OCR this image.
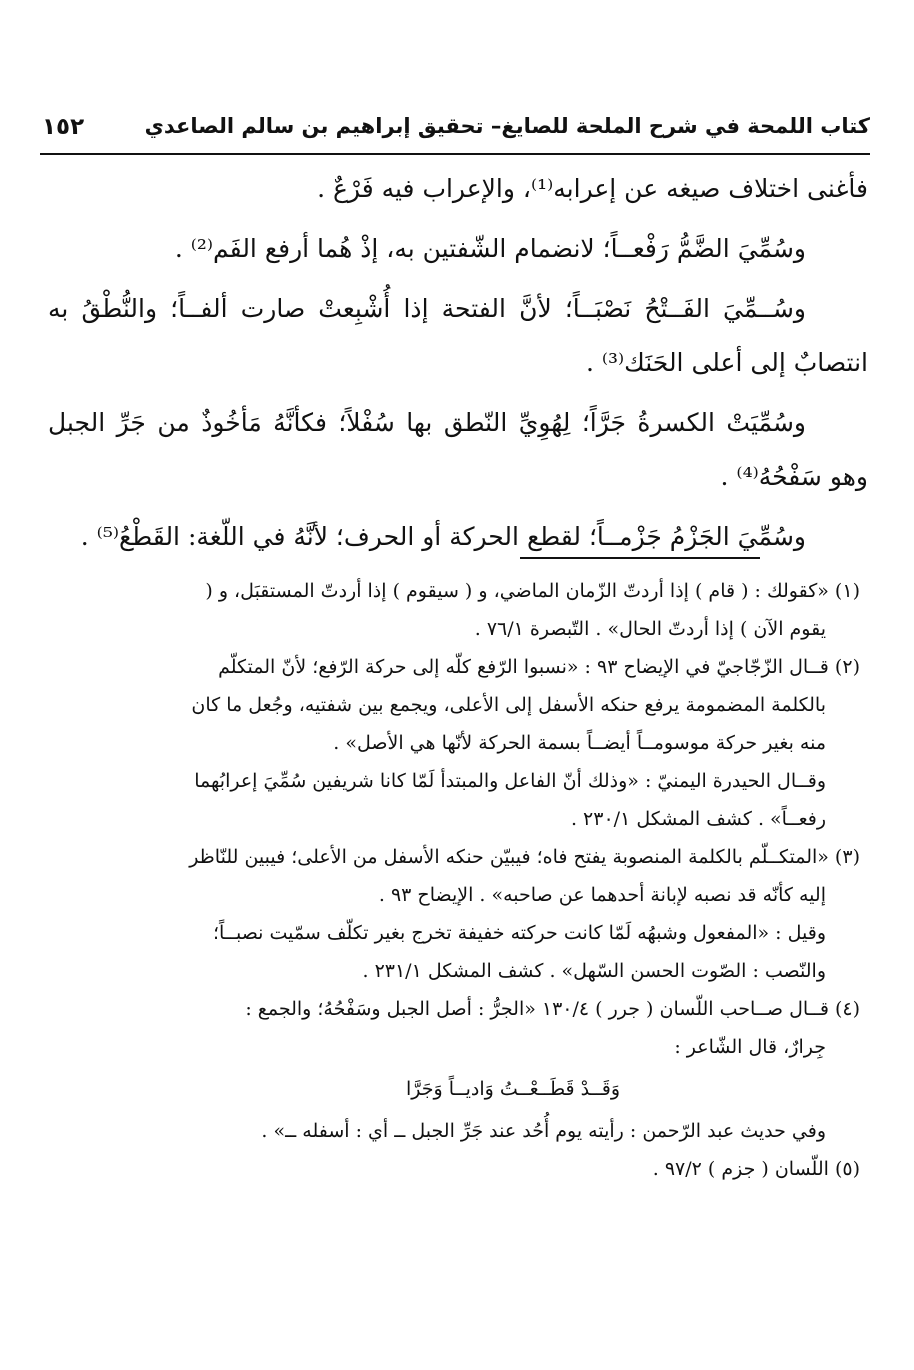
كتاب اللمحة في شرح الملحة للصايغ– تحقيق إبراهيم بن سالم الصاعدي
١٥٢

فأغنى اختلاف صيغه عن إعرابه⁽¹⁾، والإعراب فيه فَرْعٌ .

وسُمِّيَ الضَّمُّ رَفْعــاً؛ لانضمام الشّفتين به، إذْ هُما أرفع الفَم⁽²⁾ .

وسُــمِّيَ الفَــتْحُ نَصْبَــاً؛ لأنَّ الفتحة إذا أُشْبِعتْ صارت ألفــاً؛ والنُّطْقُ به انتصابٌ إلى أعلى الحَنَك⁽³⁾ .

وسُمِّيَتْ الكسرةُ جَرَّاً؛ لِهُوِيِّ النّطق بها سُفْلاً؛ فكأنَّهُ مَأخُوذٌ من جَرِّ الجبل وهو سَفْحُهُ⁽⁴⁾ .

وسُمِّيَ الجَزْمُ جَزْمــاً؛ لقطع الحركة أو الحرف؛ لأنَّهُ في اللّغة: القَطْعُ⁽⁵⁾ .

(١) «كقولك : ( قام ) إذا أردتّ الزّمان الماضي، و ( سيقوم ) إذا أردتّ المستقبَل، و (

يقوم الآن ) إذا أردتّ الحال» . التّبصرة ٧٦/١ .

(٢) قــال الزّجّاجيّ في الإيضاح ٩٣ : «نسبوا الرّفع كلّه إلى حركة الرّفع؛ لأنّ المتكلّم

بالكلمة المضمومة يرفع حنكه الأسفل إلى الأعلى، ويجمع بين شفتيه، وجُعل ما كان

منه بغير حركة موسومــاً أيضــاً بسمة الحركة لأنّها هي الأصل» .

وقــال الحيدرة اليمنيّ : «وذلك أنّ الفاعل والمبتدأ لَمّا كانا شريفين سُمِّيَ إعرابُهما

رفعــاً» . كشف المشكل ٢٣٠/١ .

(٣) «المتكــلّم بالكلمة المنصوبة يفتح فاه؛ فيبيّن حنكه الأسفل من الأعلى؛ فيبين للنّاظر

إليه كأنّه قد نصبه لإبانة أحدهما عن صاحبه» . الإيضاح ٩٣ .

وقيل : «المفعول وشبهُه لَمّا كانت حركته خفيفة تخرج بغير تكلّف سمّيت نصبــاً؛

والنّصب : الصّوت الحسن السّهل» . كشف المشكل ٢٣١/١ .

(٤) قــال صــاحب اللّسان ( جرر ) ١٣٠/٤ «الجرُّ : أصل الجبل وسَفْحُهُ؛ والجمع :

جِرارٌ، قال الشّاعر :

وَقَــدْ قَطَــعْــتُ وَاديــاً وَجَرَّا

وفي حديث عبد الرّحمن : رأيته يوم أُحُد عند جَرِّ الجبل ــ أي : أسفله ــ» .

(٥) اللّسان ( جزم ) ٩٧/٢ .
